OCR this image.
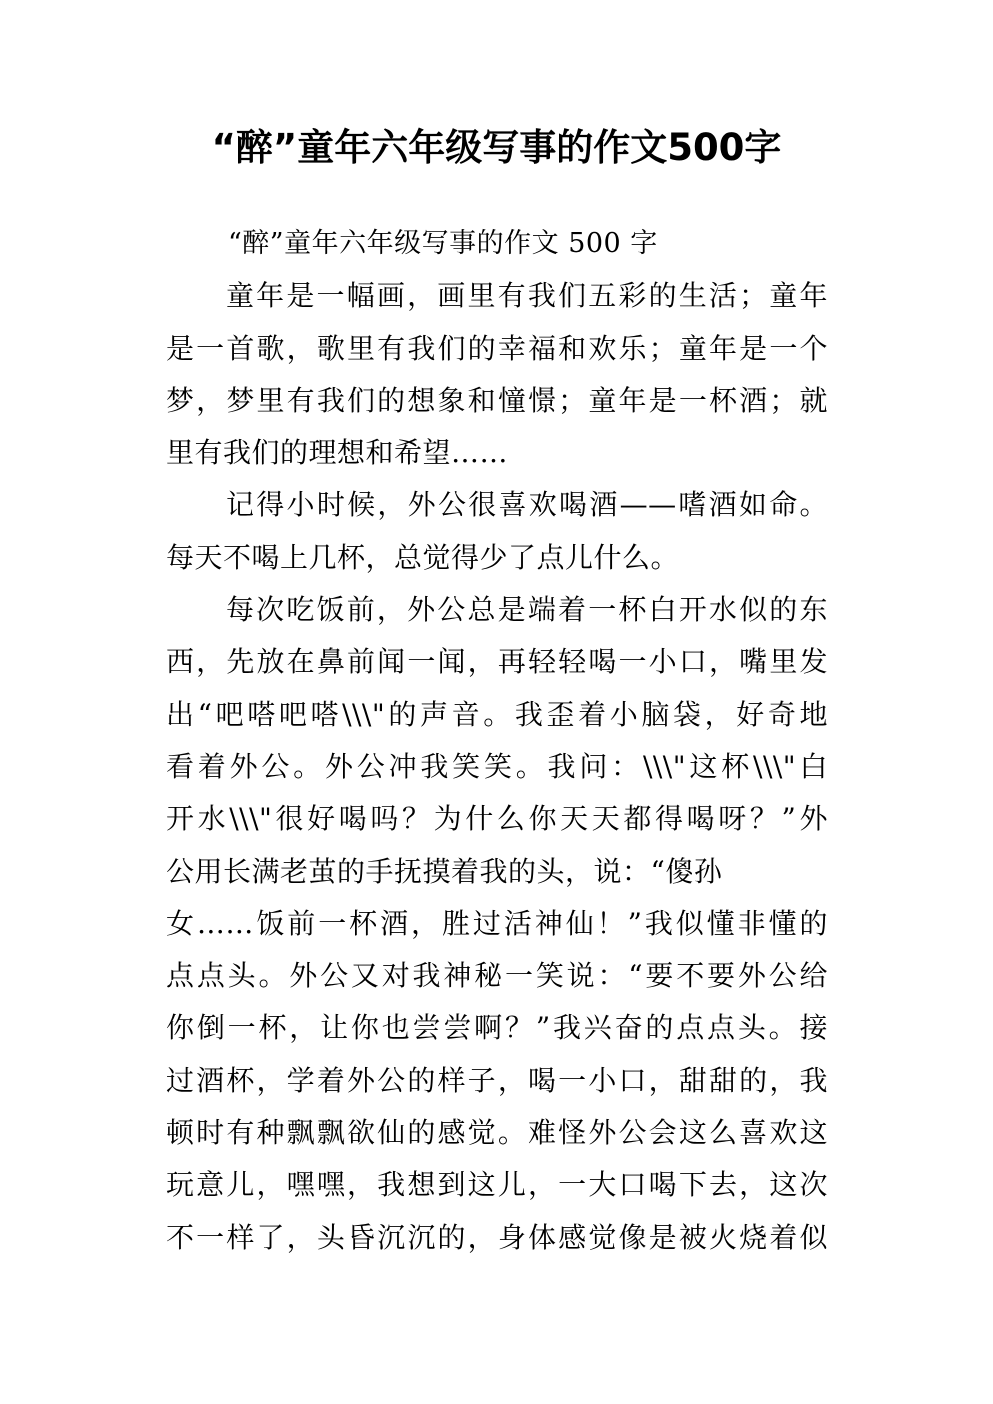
“醉”童年六年级写事的作文500字
“醉”童年六年级写事的作文 500 字
童年是一幅画，画里有我们五彩的生活；童年
是一首歌，歌里有我们的幸福和欢乐；童年是一个
梦，梦里有我们的想象和憧憬；童年是一杯酒；就
里有我们的理想和希望……
记得小时候，外公很喜欢喝酒——嗜酒如命。
每天不喝上几杯，总觉得少了点儿什么。
每次吃饭前，外公总是端着一杯白开水似的东
西，先放在鼻前闻一闻，再轻轻喝一小口，嘴里发
出“吧嗒吧嗒\\\"的声音。我歪着小脑袋，好奇地
看着外公。外公冲我笑笑。我问：\\\"这杯\\\"白
开水\\\"很好喝吗？为什么你天天都得喝呀？”外
公用长满老茧的手抚摸着我的头，说：“傻孙
女……饭前一杯酒，胜过活神仙！”我似懂非懂的
点点头。外公又对我神秘一笑说：“要不要外公给
你倒一杯，让你也尝尝啊？”我兴奋的点点头。接
过酒杯，学着外公的样子，喝一小口，甜甜的，我
顿时有种飘飘欲仙的感觉。难怪外公会这么喜欢这
玩意儿，嘿嘿，我想到这儿，一大口喝下去，这次
不一样了，头昏沉沉的，身体感觉像是被火烧着似
